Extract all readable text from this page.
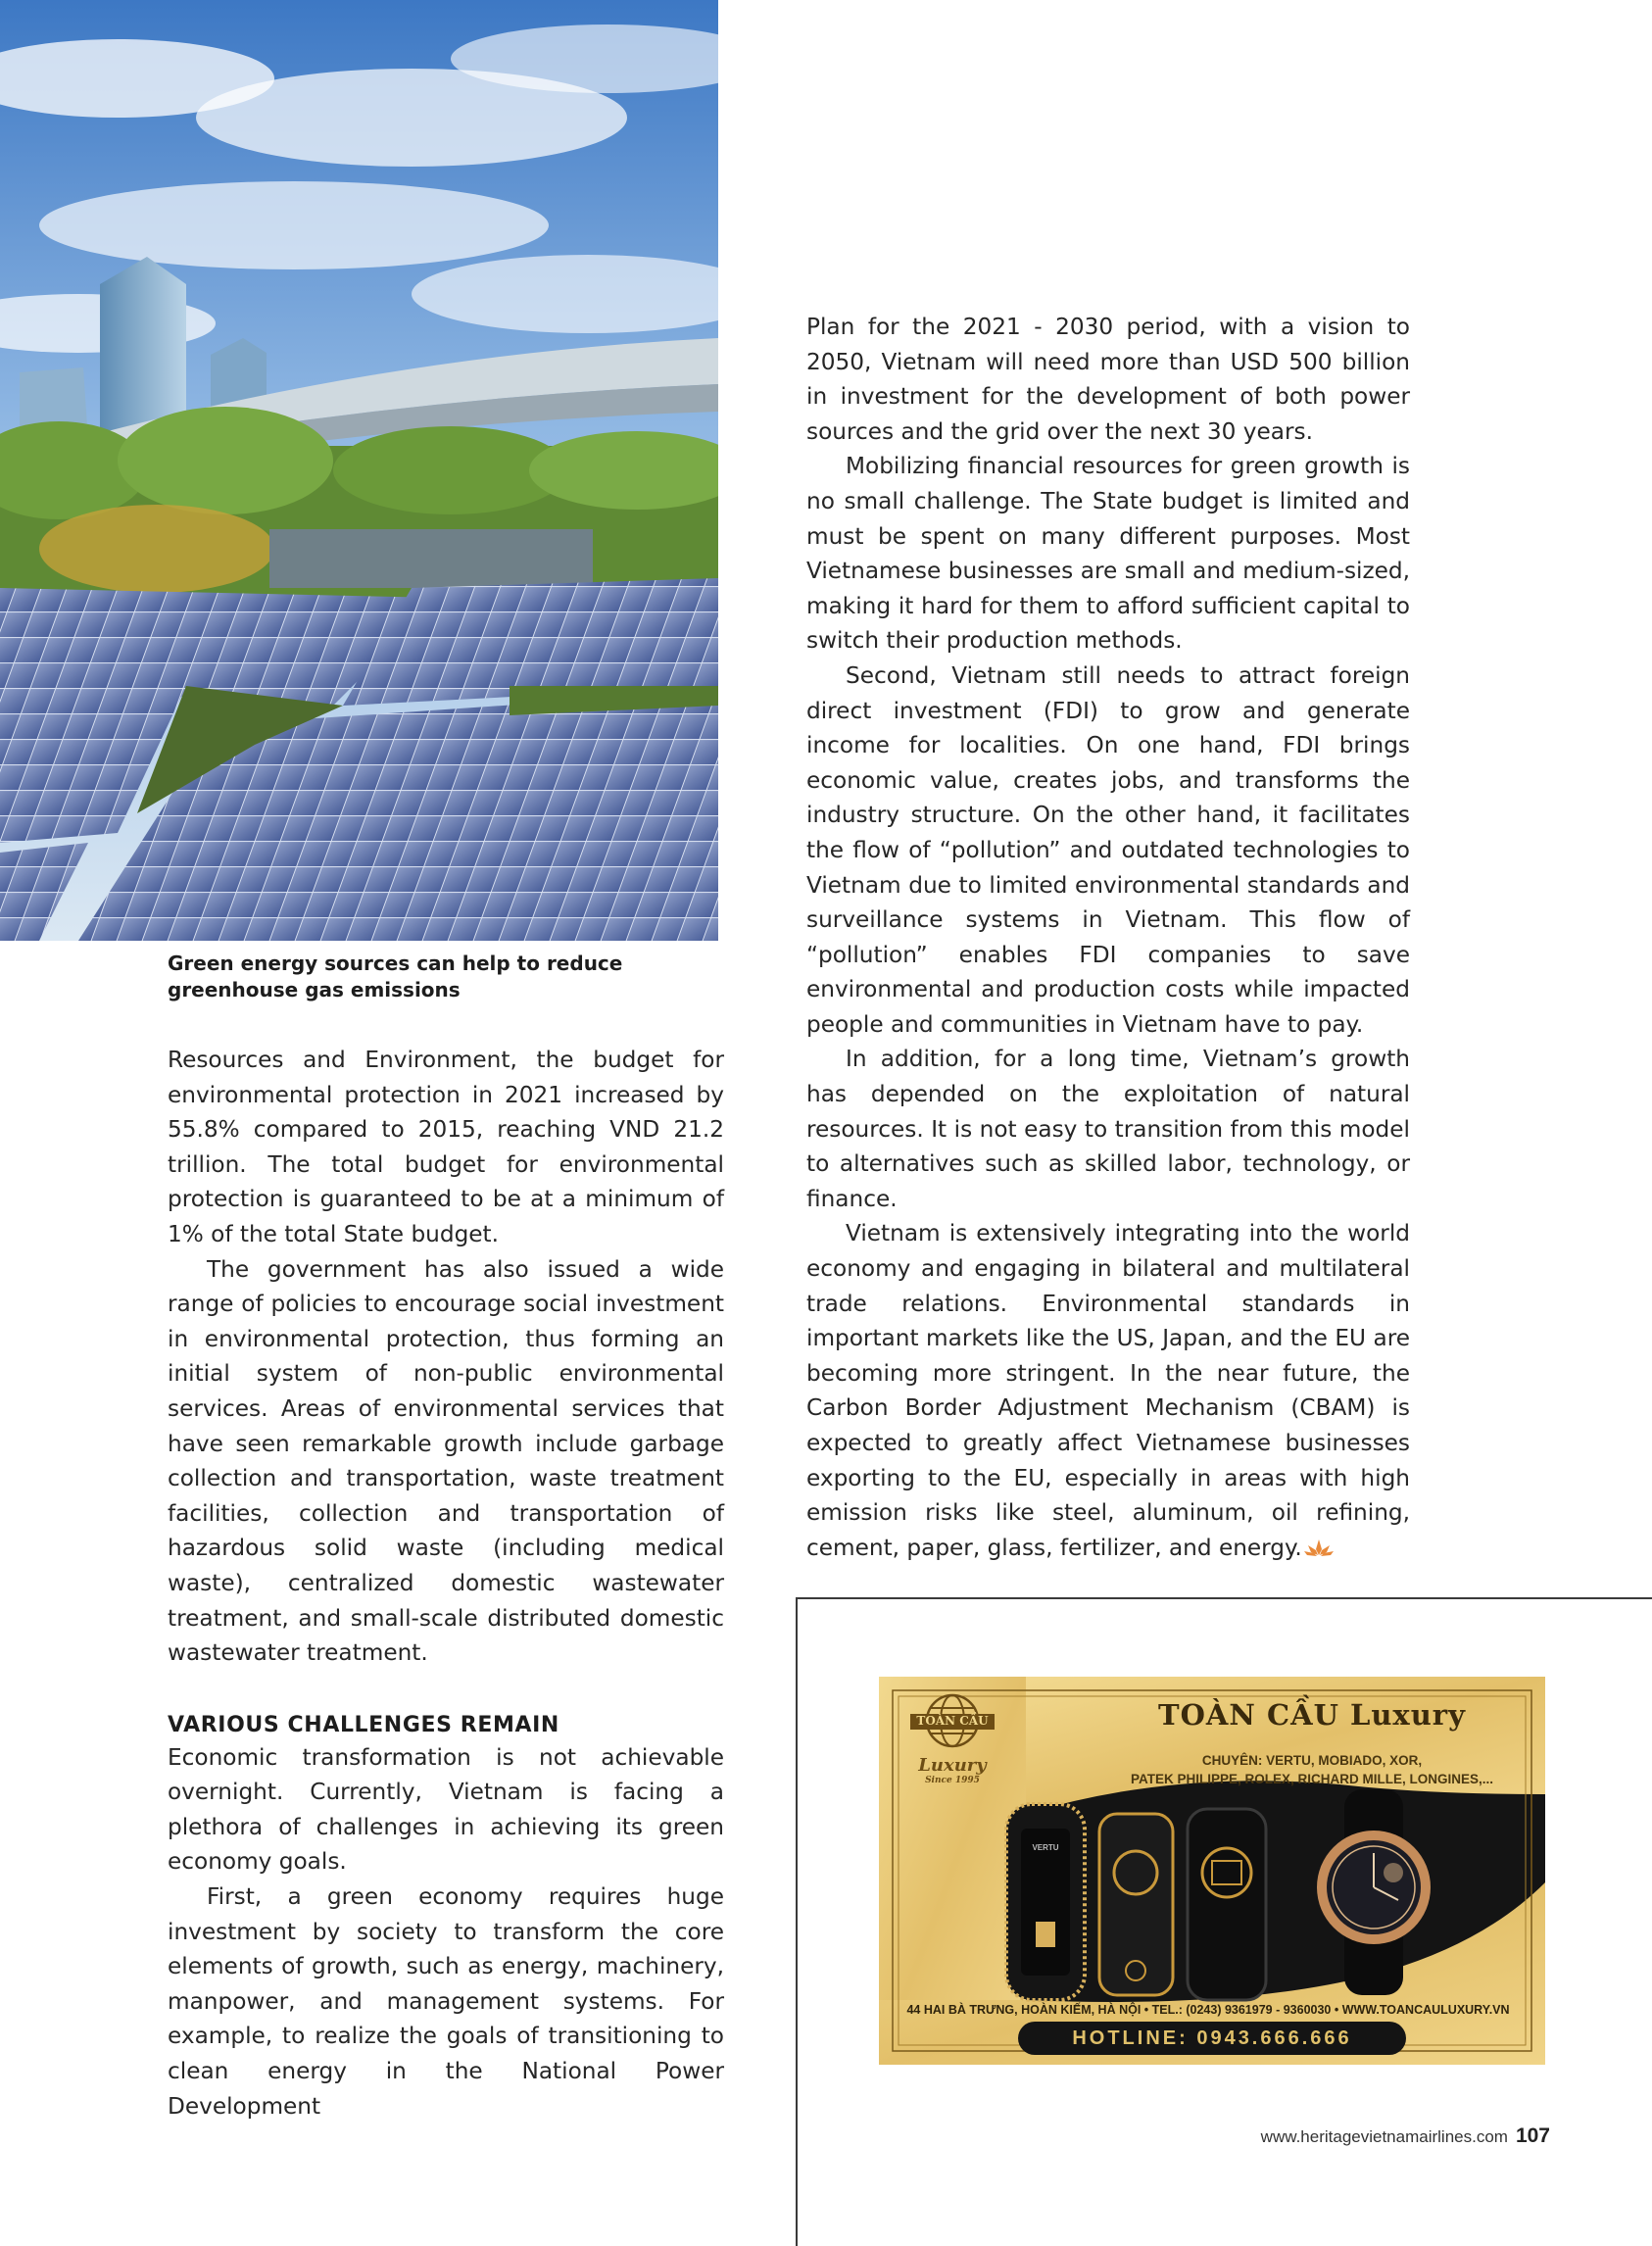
Green energy sources can help to reduce greenhouse gas emissions

Resources and Environment, the budget for environmental protection in 2021 increased by 55.8% compared to 2015, reaching VND 21.2 trillion. The total budget for environmental protection is guaranteed to be at a minimum of 1% of the total State budget.

The government has also issued a wide range of policies to encourage social investment in environmental protection, thus forming an initial system of non-public environmental services. Areas of environmental services that have seen remarkable growth include garbage collection and transportation, waste treatment facilities, collection and transportation of hazardous solid waste (including medical waste), centralized domestic wastewater treatment, and small-scale distributed domestic wastewater treatment.

VARIOUS CHALLENGES REMAIN

Economic transformation is not achievable overnight. Currently, Vietnam is facing a plethora of challenges in achieving its green economy goals.

First, a green economy requires huge investment by society to transform the core elements of growth, such as energy, machinery, manpower, and management systems. For example, to realize the goals of transitioning to clean energy in the National Power Development

Plan for the 2021 - 2030 period, with a vision to 2050, Vietnam will need more than USD 500 billion in investment for the development of both power sources and the grid over the next 30 years.

Mobilizing financial resources for green growth is no small challenge. The State budget is limited and must be spent on many different purposes. Most Vietnamese businesses are small and medium-sized, making it hard for them to afford sufficient capital to switch their production methods.

Second, Vietnam still needs to attract foreign direct investment (FDI) to grow and generate income for localities. On one hand, FDI brings economic value, creates jobs, and transforms the industry structure. On the other hand, it facilitates the flow of “pollution” and outdated technologies to Vietnam due to limited environmental standards and surveillance systems in Vietnam. This flow of “pollution” enables FDI companies to save environmental and production costs while impacted people and communities in Vietnam have to pay.

In addition, for a long time, Vietnam’s growth has depended on the exploitation of natural resources. It is not easy to transition from this model to alternatives such as skilled labor, technology, or finance.

Vietnam is extensively integrating into the world economy and engaging in bilateral and multilateral trade relations. Environmental standards in important markets like the US, Japan, and the EU are becoming more stringent. In the near future, the Carbon Border Adjustment Mechanism (CBAM) is expected to greatly affect Vietnamese businesses exporting to the EU, especially in areas with high emission risks like steel, aluminum, oil refining, cement, paper, glass, fertilizer, and energy.

TOÀN CẦU
Luxury
Since 1995
TOÀN CẦU Luxury
CHUYÊN: VERTU, MOBIADO, XOR,
PATEK PHILIPPE, ROLEX, RICHARD MILLE, LONGINES,...
VERTU
44 HAI BÀ TRƯNG, HOÀN KIẾM, HÀ NỘI • TEL.: (0243) 9361979 - 9360030 • WWW.TOANCAULUXURY.VN
HOTLINE: 0943.666.666
www.heritagevietnamairlines.com 107
